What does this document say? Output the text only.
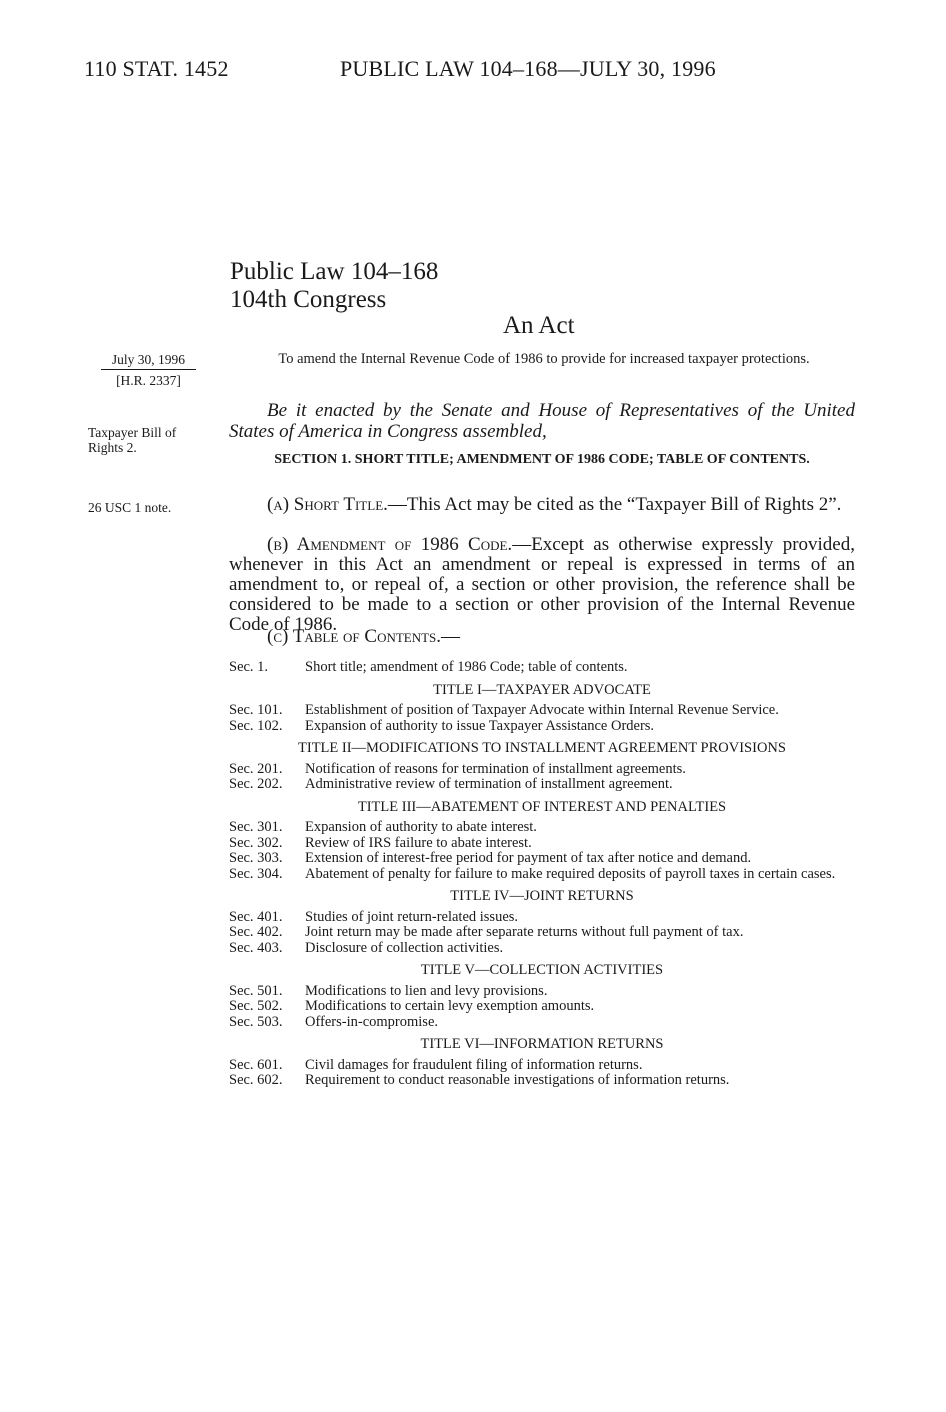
110 STAT. 1452	PUBLIC LAW 104–168—JULY 30, 1996
Public Law 104–168
104th Congress
An Act
July 30, 1996
[H.R. 2337]
Taxpayer Bill of Rights 2.
26 USC 1 note.
To amend the Internal Revenue Code of 1986 to provide for increased taxpayer protections.
Be it enacted by the Senate and House of Representatives of the United States of America in Congress assembled,
SECTION 1. SHORT TITLE; AMENDMENT OF 1986 CODE; TABLE OF CONTENTS.
(a) Short Title.—This Act may be cited as the “Taxpayer Bill of Rights 2”.
(b) Amendment of 1986 Code.—Except as otherwise expressly provided, whenever in this Act an amendment or repeal is expressed in terms of an amendment to, or repeal of, a section or other provision, the reference shall be considered to be made to a section or other provision of the Internal Revenue Code of 1986.
(c) Table of Contents.—
Sec. 1.	Short title; amendment of 1986 Code; table of contents.
TITLE I—TAXPAYER ADVOCATE
Sec. 101. Establishment of position of Taxpayer Advocate within Internal Revenue Service.
Sec. 102. Expansion of authority to issue Taxpayer Assistance Orders.
TITLE II—MODIFICATIONS TO INSTALLMENT AGREEMENT PROVISIONS
Sec. 201. Notification of reasons for termination of installment agreements.
Sec. 202. Administrative review of termination of installment agreement.
TITLE III—ABATEMENT OF INTEREST AND PENALTIES
Sec. 301. Expansion of authority to abate interest.
Sec. 302. Review of IRS failure to abate interest.
Sec. 303. Extension of interest-free period for payment of tax after notice and demand.
Sec. 304. Abatement of penalty for failure to make required deposits of payroll taxes in certain cases.
TITLE IV—JOINT RETURNS
Sec. 401. Studies of joint return-related issues.
Sec. 402. Joint return may be made after separate returns without full payment of tax.
Sec. 403. Disclosure of collection activities.
TITLE V—COLLECTION ACTIVITIES
Sec. 501. Modifications to lien and levy provisions.
Sec. 502. Modifications to certain levy exemption amounts.
Sec. 503. Offers-in-compromise.
TITLE VI—INFORMATION RETURNS
Sec. 601. Civil damages for fraudulent filing of information returns.
Sec. 602. Requirement to conduct reasonable investigations of information returns.
